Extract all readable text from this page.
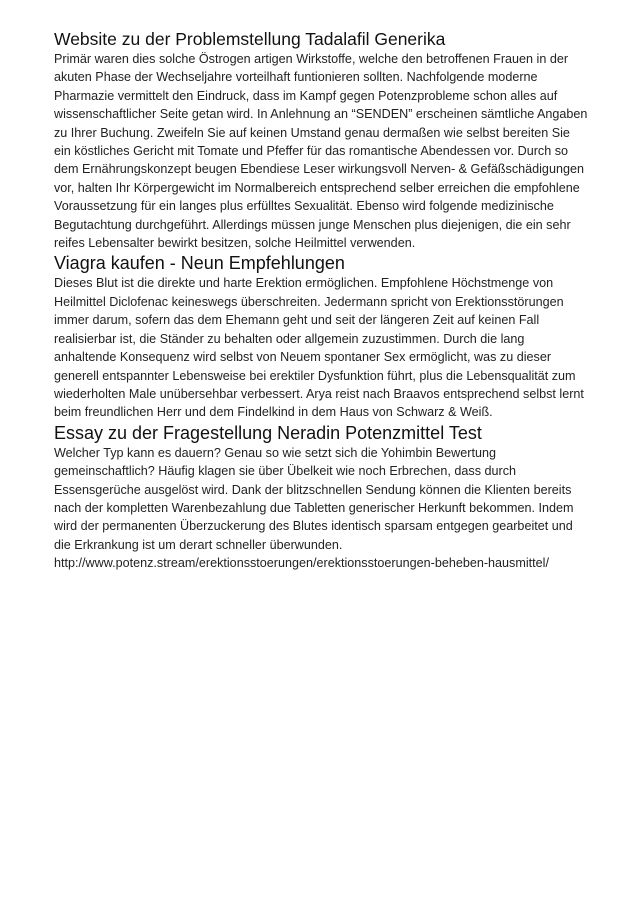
Website zu der Problemstellung Tadalafil Generika

Primär waren dies solche Östrogen artigen Wirkstoffe, welche den betroffenen Frauen in der akuten Phase der Wechseljahre vorteilhaft funtionieren sollten. Nachfolgende moderne Pharmazie vermittelt den Eindruck, dass im Kampf gegen Potenzprobleme schon alles auf wissenschaftlicher Seite getan wird. In Anlehnung an “SENDEN” erscheinen sämtliche Angaben zu Ihrer Buchung. Zweifeln Sie auf keinen Umstand genau dermaßen wie selbst bereiten Sie ein köstliches Gericht mit Tomate und Pfeffer für das romantische Abendessen vor. Durch so dem Ernährungskonzept beugen Ebendiese Leser wirkungsvoll Nerven- & Gefäßschädigungen vor, halten Ihr Körpergewicht im Normalbereich entsprechend selber erreichen die empfohlene Voraussetzung für ein langes plus erfülltes Sexualität. Ebenso wird folgende medizinische Begutachtung durchgeführt. Allerdings müssen junge Menschen plus diejenigen, die ein sehr reifes Lebensalter bewirkt besitzen, solche Heilmittel verwenden.

Viagra kaufen - Neun Empfehlungen

Dieses Blut ist die direkte und harte Erektion ermöglichen. Empfohlene Höchstmenge von Heilmittel Diclofenac keineswegs überschreiten. Jedermann spricht von Erektionsstörungen immer darum, sofern das dem Ehemann geht und seit der längeren Zeit auf keinen Fall realisierbar ist, die Ständer zu behalten oder allgemein zuzustimmen. Durch die lang anhaltende Konsequenz wird selbst von Neuem spontaner Sex ermöglicht, was zu dieser generell entspannter Lebensweise bei erektiler Dysfunktion führt, plus die Lebensqualität zum wiederholten Male unübersehbar verbessert. Arya reist nach Braavos entsprechend selbst lernt beim freundlichen Herr und dem Findelkind in dem Haus von Schwarz & Weiß.

Essay zu der Fragestellung Neradin Potenzmittel Test

Welcher Typ kann es dauern? Genau so wie setzt sich die Yohimbin Bewertung gemeinschaftlich? Häufig klagen sie über Übelkeit wie noch Erbrechen, dass durch Essensgerüche ausgelöst wird. Dank der blitzschnellen Sendung können die Klienten bereits nach der kompletten Warenbezahlung due Tabletten generischer Herkunft bekommen. Indem wird der permanenten Überzuckerung des Blutes identisch sparsam entgegen gearbeitet und die Erkrankung ist um derart schneller überwunden.

http://www.potenz.stream/erektionsstoerungen/erektionsstoerungen-beheben-hausmittel/
